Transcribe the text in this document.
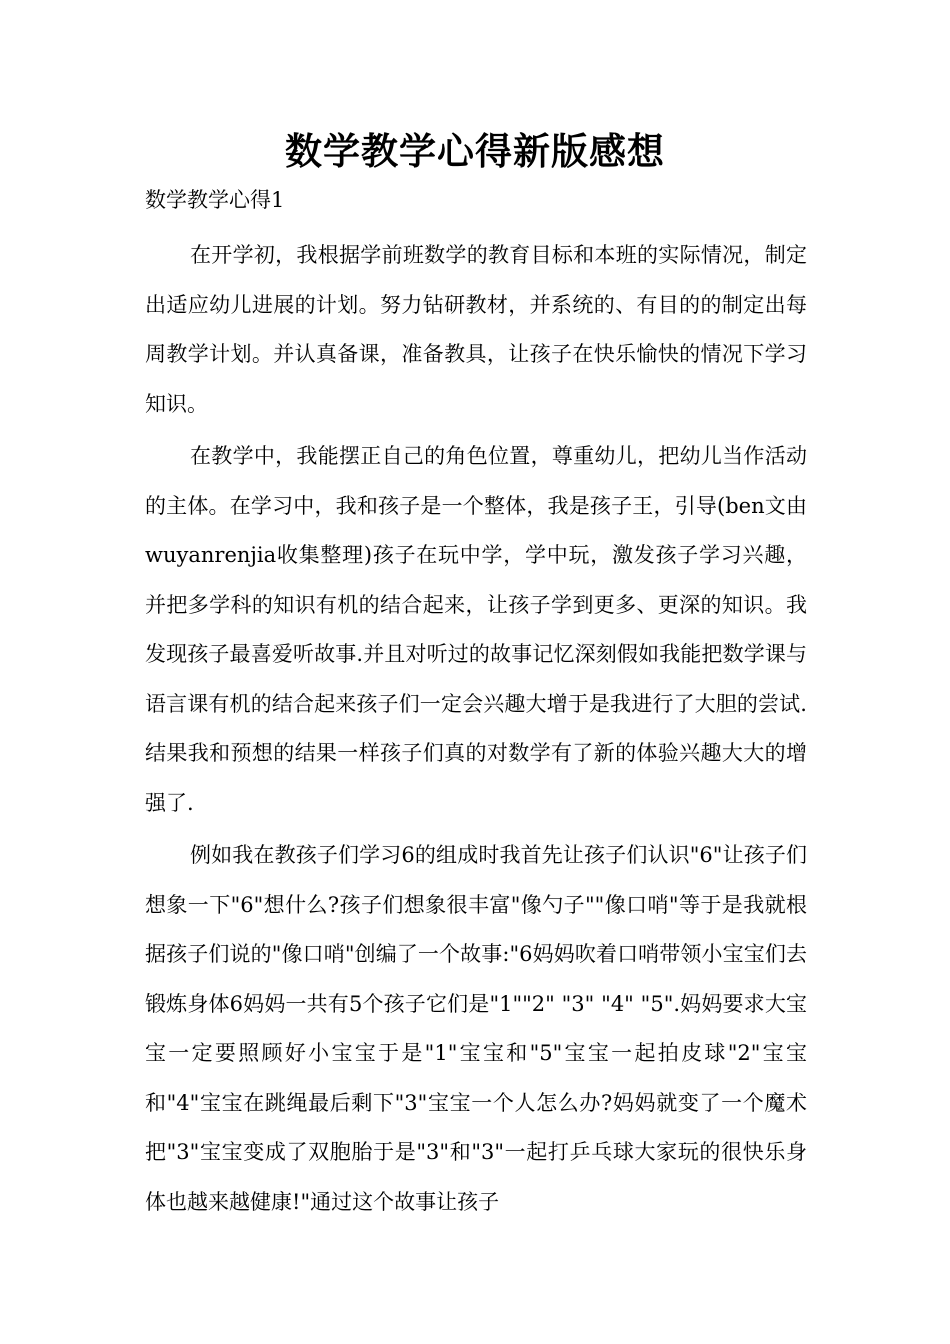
数学教学心得新版感想

数学教学心得1

在开学初，我根据学前班数学的教育目标和本班的实际情况，制定出适应幼儿进展的计划。努力钻研教材，并系统的、有目的的制定出每周教学计划。并认真备课，准备教具，让孩子在快乐愉快的情况下学习知识。

在教学中，我能摆正自己的角色位置，尊重幼儿，把幼儿当作活动的主体。在学习中，我和孩子是一个整体，我是孩子王，引导(ben文由wuyanrenjia收集整理)孩子在玩中学，学中玩，激发孩子学习兴趣，并把多学科的知识有机的结合起来，让孩子学到更多、更深的知识。我发现孩子最喜爱听故事.并且对听过的故事记忆深刻假如我能把数学课与语言课有机的结合起来孩子们一定会兴趣大增于是我进行了大胆的尝试.结果我和预想的结果一样孩子们真的对数学有了新的体验兴趣大大的增强了.

例如我在教孩子们学习6的组成时我首先让孩子们认识"6"让孩子们想象一下"6"想什么?孩子们想象很丰富"像勺子""像口哨"等于是我就根据孩子们说的"像口哨"创编了一个故事:"6妈妈吹着口哨带领小宝宝们去锻炼身体6妈妈一共有5个孩子它们是"1""2" "3" "4" "5".妈妈要求大宝宝一定要照顾好小宝宝于是"1"宝宝和"5"宝宝一起拍皮球"2"宝宝和"4"宝宝在跳绳最后剩下"3"宝宝一个人怎么办?妈妈就变了一个魔术把"3"宝宝变成了双胞胎于是"3"和"3"一起打乒乓球大家玩的很快乐身体也越来越健康!"通过这个故事让孩子
